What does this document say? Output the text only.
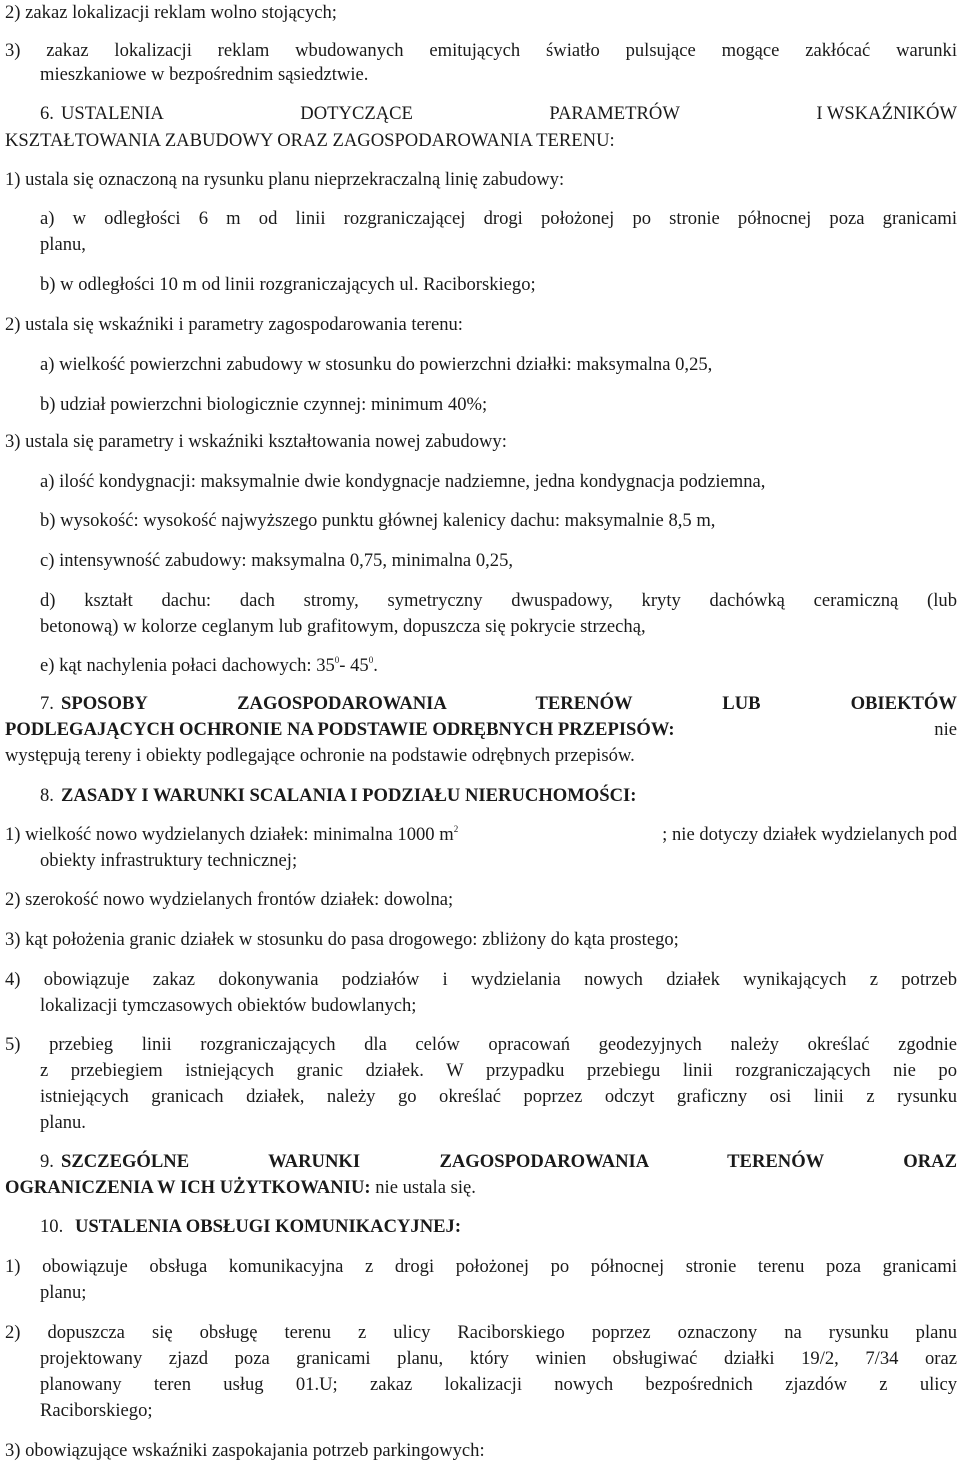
2) zakaz lokalizacji reklam wolno stojących;
3) zakaz lokalizacji reklam wbudowanych emitujących światło pulsujące mogące zakłócać warunki
mieszkaniowe w bezpośrednim sąsiedztwie.
6. USTALENIA	DOTYCZĄCE	PARAMETRÓW	I WSKAŹNIKÓW
KSZTAŁTOWANIA ZABUDOWY ORAZ ZAGOSPODAROWANIA TERENU:
1) ustala się oznaczoną na rysunku planu nieprzekraczalną linię zabudowy:
a) w odległości 6 m od linii rozgraniczającej drogi położonej po stronie północnej poza granicami
planu,
b) w odległości 10 m od linii rozgraniczających ul. Raciborskiego;
2) ustala się wskaźniki i parametry zagospodarowania terenu:
a) wielkość powierzchni zabudowy w stosunku do powierzchni działki: maksymalna 0,25,
b) udział powierzchni biologicznie czynnej: minimum 40%;
3) ustala się parametry i wskaźniki kształtowania nowej zabudowy:
a) ilość kondygnacji: maksymalnie dwie kondygnacje nadziemne, jedna kondygnacja podziemna,
b) wysokość: wysokość najwyższego punktu głównej kalenicy dachu: maksymalnie 8,5 m,
c) intensywność zabudowy: maksymalna 0,75, minimalna 0,25,
d) kształt dachu: dach stromy, symetryczny dwuspadowy, kryty dachówką ceramiczną (lub
betonową) w kolorze ceglanym lub grafitowym, dopuszcza się pokrycie strzechą,
e) kąt nachylenia połaci dachowych: $35^0-$ $45^0$.
7. SPOSOBY ZAGOSPODAROWANIA TERENÓW LUB OBIEKTÓW
PODLEGAJĄCYCH OCHRONIE NA PODSTAWIE ODRĘBNYCH PRZEPISÓW:	nie
występują tereny i obiekty podlegające ochronie na podstawie odrębnych przepisów.
8. ZASADY I WARUNKI SCALANIA I PODZIAŁU NIERUCHOMOŚCI:
1) wielkość nowo wydzielanych działek: minimalna 1000 $m^2$	; nie dotyczy działek wydzielanych pod
obiekty infrastruktury technicznej;
2) szerokość nowo wydzielanych frontów działek: dowolna;
3) kąt położenia granic działek w stosunku do pasa drogowego: zbliżony do kąta prostego;
4) obowiązuje zakaz dokonywania podziałów i wydzielania nowych działek wynikających z potrzeb
lokalizacji tymczasowych obiektów budowlanych;
5) przebieg linii rozgraniczających dla celów opracowań geodezyjnych należy określać zgodnie
z przebiegiem istniejących granic działek. W przypadku przebiegu linii rozgraniczających nie po
istniejących granicach działek, należy go określać poprzez odczyt graficzny osi linii z rysunku
planu.
9. SZCZEGÓLNE WARUNKI ZAGOSPODAROWANIA TERENÓW ORAZ
OGRANICZENIA W ICH UŻYTKOWANIU: nie ustala się.
10. USTALENIA OBSŁUGI KOMUNIKACYJNEJ:
1) obowiązuje obsługa komunikacyjna z drogi położonej po północnej stronie terenu poza granicami
planu;
2) dopuszcza się obsługę terenu z ulicy Raciborskiego poprzez oznaczony na rysunku planu
projektowany zjazd poza granicami planu, który winien obsługiwać działki 19/2, 7/34 oraz
planowany teren usług 01.U; zakaz lokalizacji nowych bezpośrednich zjazdów z ulicy
Raciborskiego;
3) obowiązujące wskaźniki zaspokajania potrzeb parkingowych:
